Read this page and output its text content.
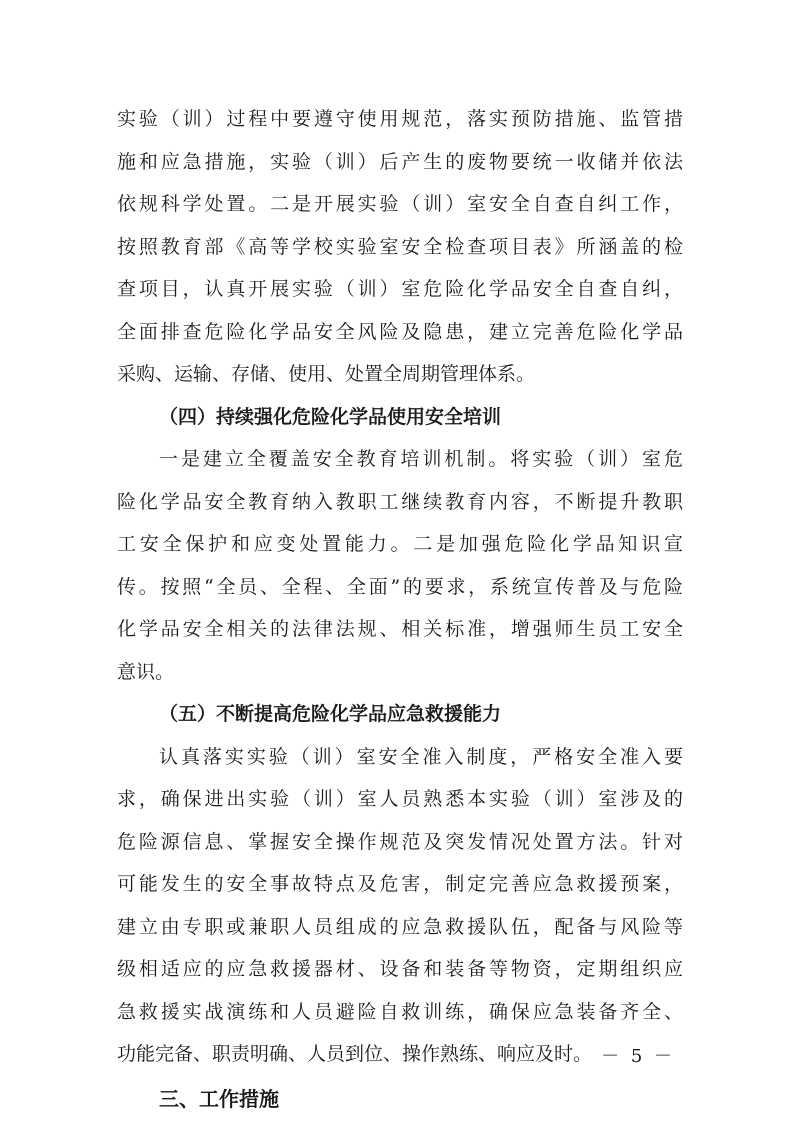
实验（训）过程中要遵守使用规范，落实预防措施、监管措
施和应急措施，实验（训）后产生的废物要统一收储并依法
依规科学处置。二是开展实验（训）室安全自查自纠工作，
按照教育部《高等学校实验室安全检查项目表》所涵盖的检
查项目，认真开展实验（训）室危险化学品安全自查自纠，
全面排查危险化学品安全风险及隐患，建立完善危险化学品
采购、运输、存储、使用、处置全周期管理体系。
（四）持续强化危险化学品使用安全培训
一是建立全覆盖安全教育培训机制。将实验（训）室危
险化学品安全教育纳入教职工继续教育内容，不断提升教职
工安全保护和应变处置能力。二是加强危险化学品知识宣
传。按照“全员、全程、全面”的要求，系统宣传普及与危险
化学品安全相关的法律法规、相关标准，增强师生员工安全
意识。
（五）不断提高危险化学品应急救援能力
认真落实实验（训）室安全准入制度，严格安全准入要
求，确保进出实验（训）室人员熟悉本实验（训）室涉及的
危险源信息、掌握安全操作规范及突发情况处置方法。针对
可能发生的安全事故特点及危害，制定完善应急救援预案，
建立由专职或兼职人员组成的应急救援队伍，配备与风险等
级相适应的应急救援器材、设备和装备等物资，定期组织应
急救援实战演练和人员避险自救训练，确保应急装备齐全、
功能完备、职责明确、人员到位、操作熟练、响应及时。
三、工作措施
－ 5 －
